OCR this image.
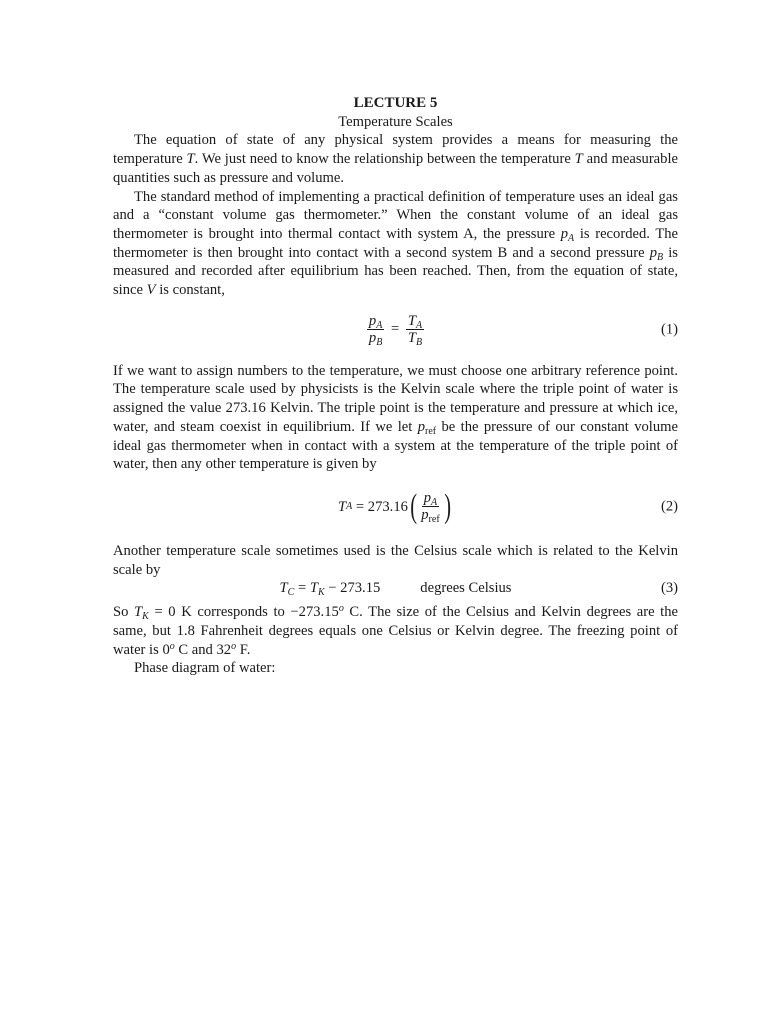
LECTURE 5
Temperature Scales

The equation of state of any physical system provides a means for measuring the temperature T. We just need to know the relationship between the temperature T and measurable quantities such as pressure and volume.

The standard method of implementing a practical definition of temperature uses an ideal gas and a “constant volume gas thermometer.” When the constant volume of an ideal gas thermometer is brought into thermal contact with system A, the pressure $p_A$ is recorded. The thermometer is then brought into contact with a second system B and a second pressure $p_B$ is measured and recorded after equilibrium has been reached. Then, from the equation of state, since V is constant,

$\frac{p_A}{p_B} = \frac{T_A}{T_B}$	(1)

If we want to assign numbers to the temperature, we must choose one arbitrary reference point. The temperature scale used by physicists is the Kelvin scale where the triple point of water is assigned the value 273.16 Kelvin. The triple point is the temperature and pressure at which ice, water, and steam coexist in equilibrium. If we let $p_{ref}$ be the pressure of our constant volume ideal gas thermometer when in contact with a system at the temperature of the triple point of water, then any other temperature is given by

T A
= 273.16 ( $\frac{p_A}{p_{ref}}$ )	(2)

Another temperature scale sometimes used is the Celsius scale which is related to the Kelvin scale by

$T_C = T_K - 273.15$	degrees Celsius	(3)

So $T_K = 0$ K corresponds to $-273.15^o$ C. The size of the Celsius and Kelvin degrees are the same, but 1.8 Fahrenheit degrees equals one Celsius or Kelvin degree. The freezing point of water is 0$^o$ C and 32$^o$ F.

Phase diagram of water:
